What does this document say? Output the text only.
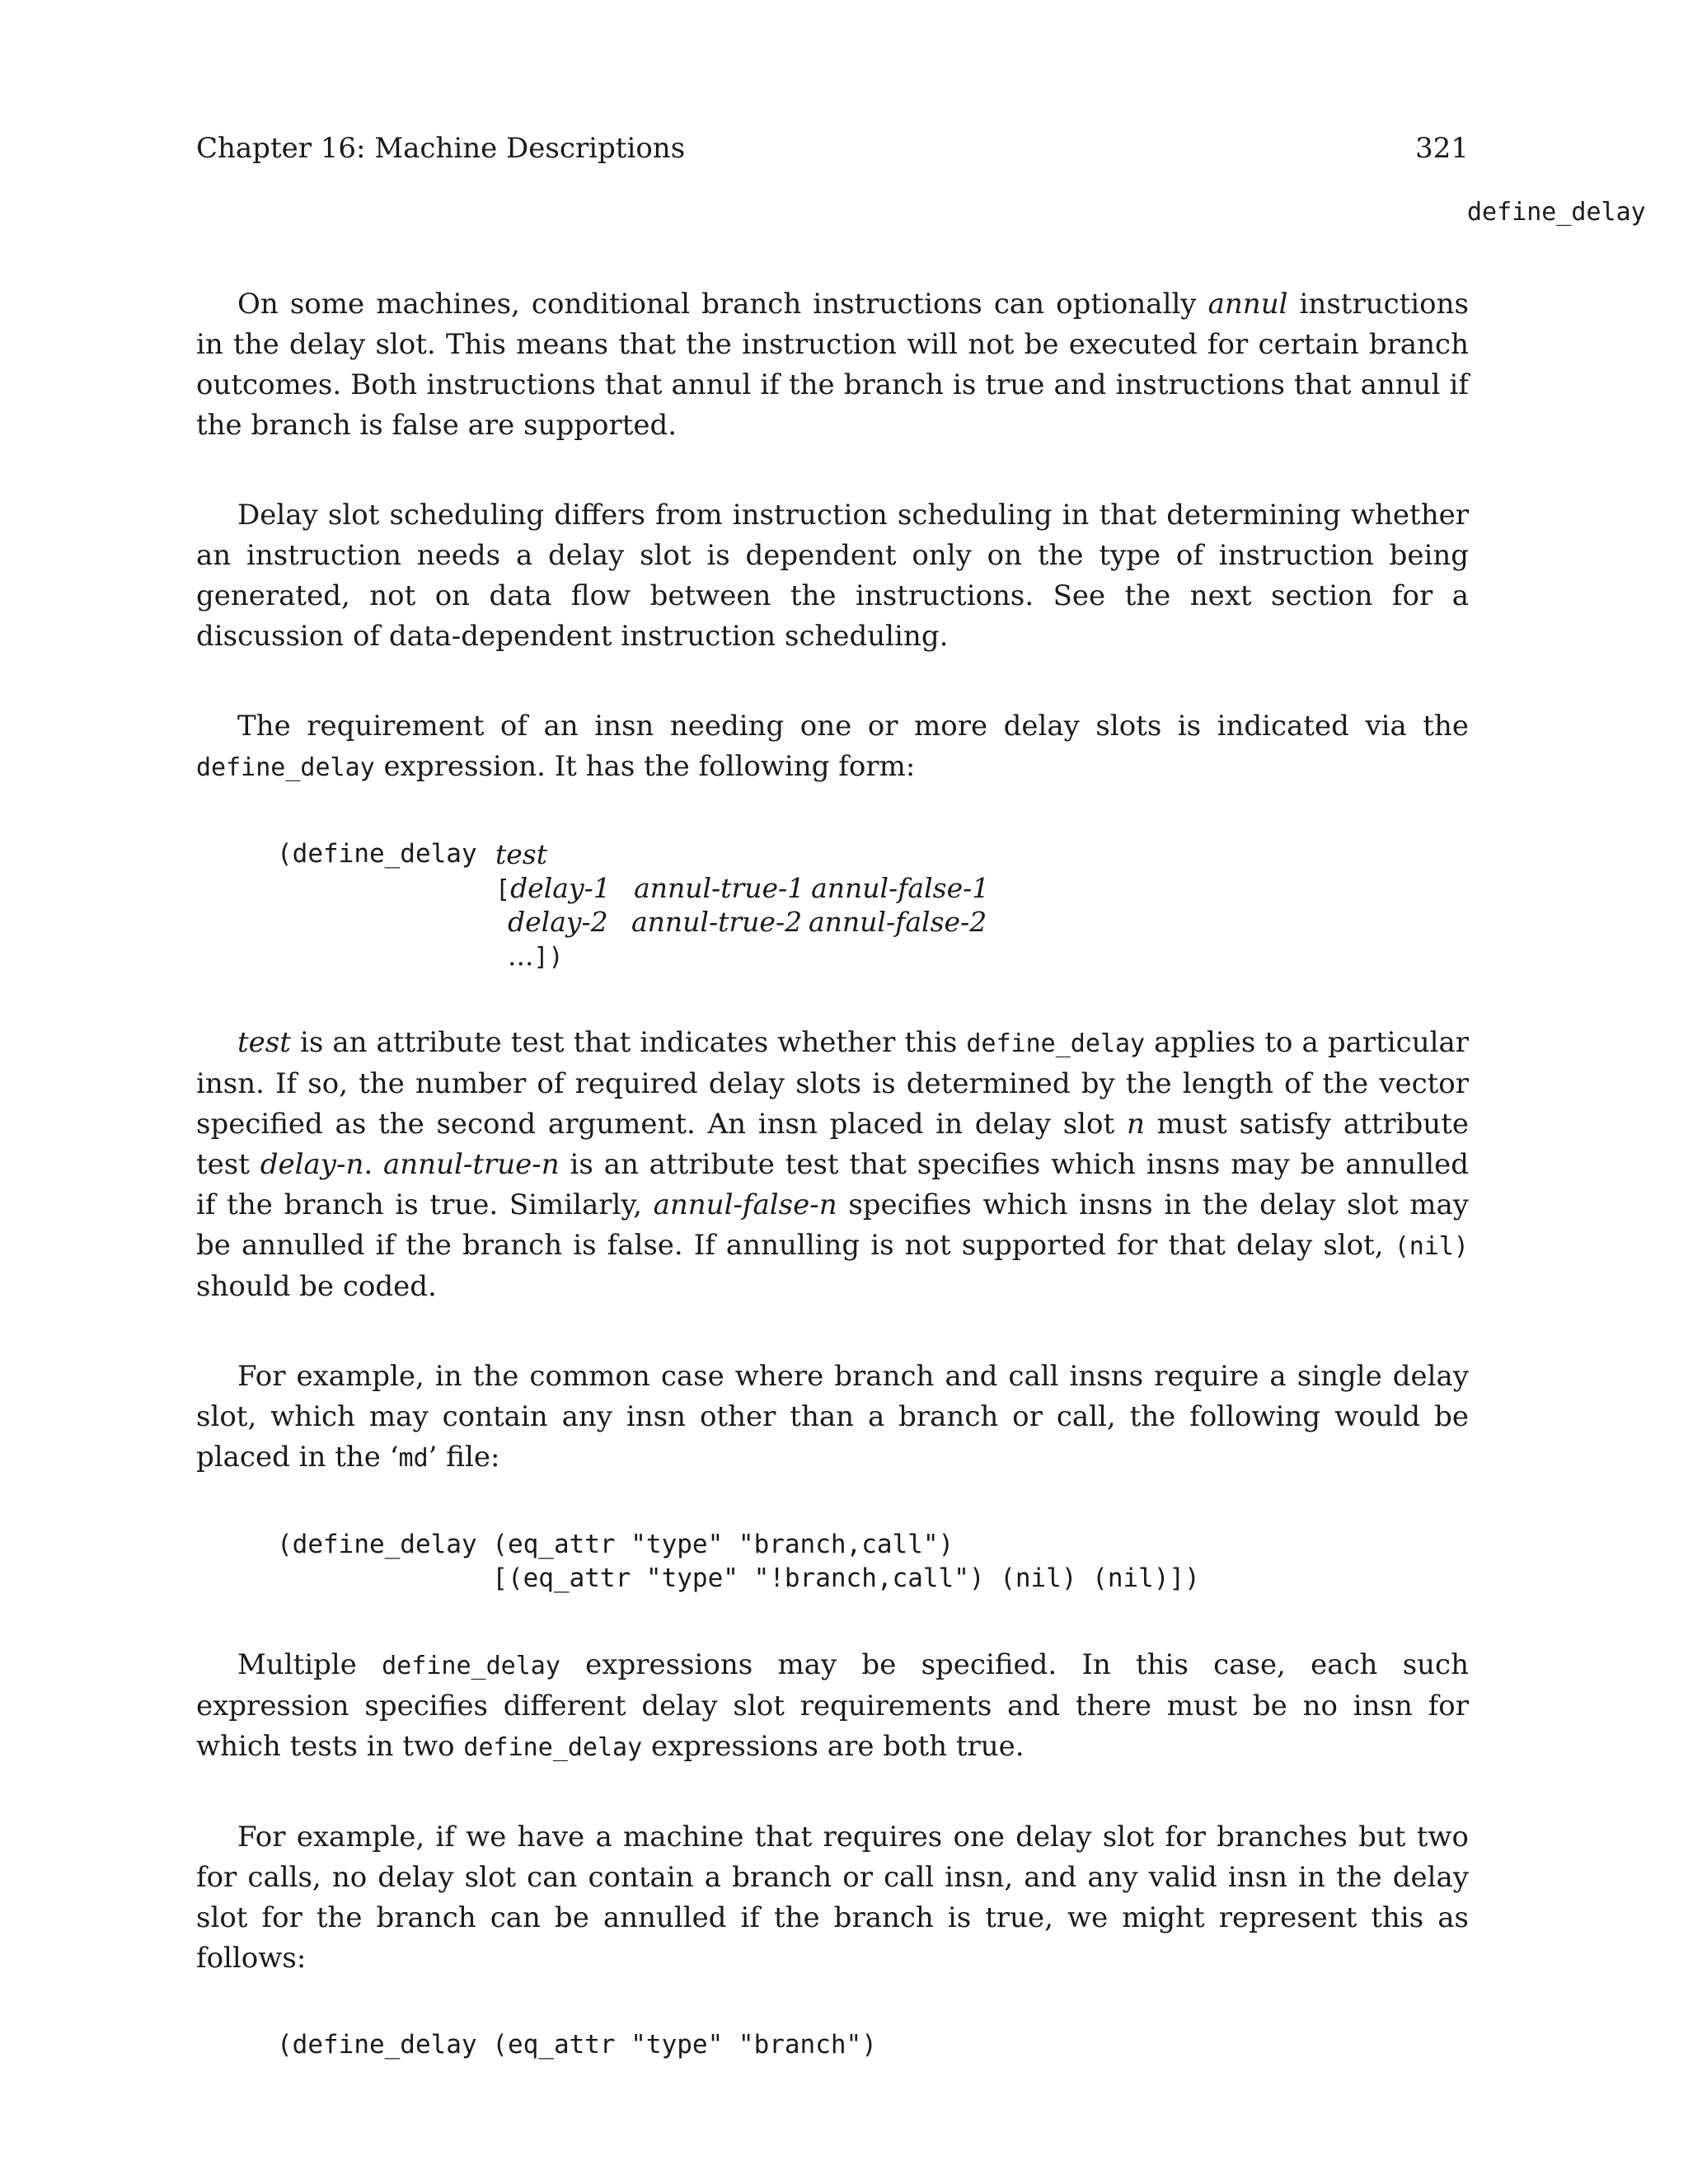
Chapter 16: Machine Descriptions	321
define_delay

On some machines, conditional branch instructions can optionally annul instructions in the delay slot. This means that the instruction will not be executed for certain branch outcomes. Both instructions that annul if the branch is true and instructions that annul if the branch is false are supported.

Delay slot scheduling differs from instruction scheduling in that determining whether an instruction needs a delay slot is dependent only on the type of instruction being generated, not on data flow between the instructions. See the next section for a discussion of data-dependent instruction scheduling.

The requirement of an insn needing one or more delay slots is indicated via the define_delay expression. It has the following form:

(define_delay test
[delay-1 annul-true-1 annul-false-1
delay-2 annul-true-2 annul-false-2
...])

test is an attribute test that indicates whether this define_delay applies to a particular insn. If so, the number of required delay slots is determined by the length of the vector specified as the second argument. An insn placed in delay slot n must satisfy attribute test delay-n. annul-true-n is an attribute test that specifies which insns may be annulled if the branch is true. Similarly, annul-false-n specifies which insns in the delay slot may be annulled if the branch is false. If annulling is not supported for that delay slot, (nil) should be coded.

For example, in the common case where branch and call insns require a single delay slot, which may contain any insn other than a branch or call, the following would be placed in the ‘md’ file:

(define_delay (eq_attr "type" "branch,call")
[(eq_attr "type" "!branch,call") (nil) (nil)])

Multiple define_delay expressions may be specified. In this case, each such expression specifies different delay slot requirements and there must be no insn for which tests in two define_delay expressions are both true.

For example, if we have a machine that requires one delay slot for branches but two for calls, no delay slot can contain a branch or call insn, and any valid insn in the delay slot for the branch can be annulled if the branch is true, we might represent this as follows:

(define_delay (eq_attr "type" "branch")
